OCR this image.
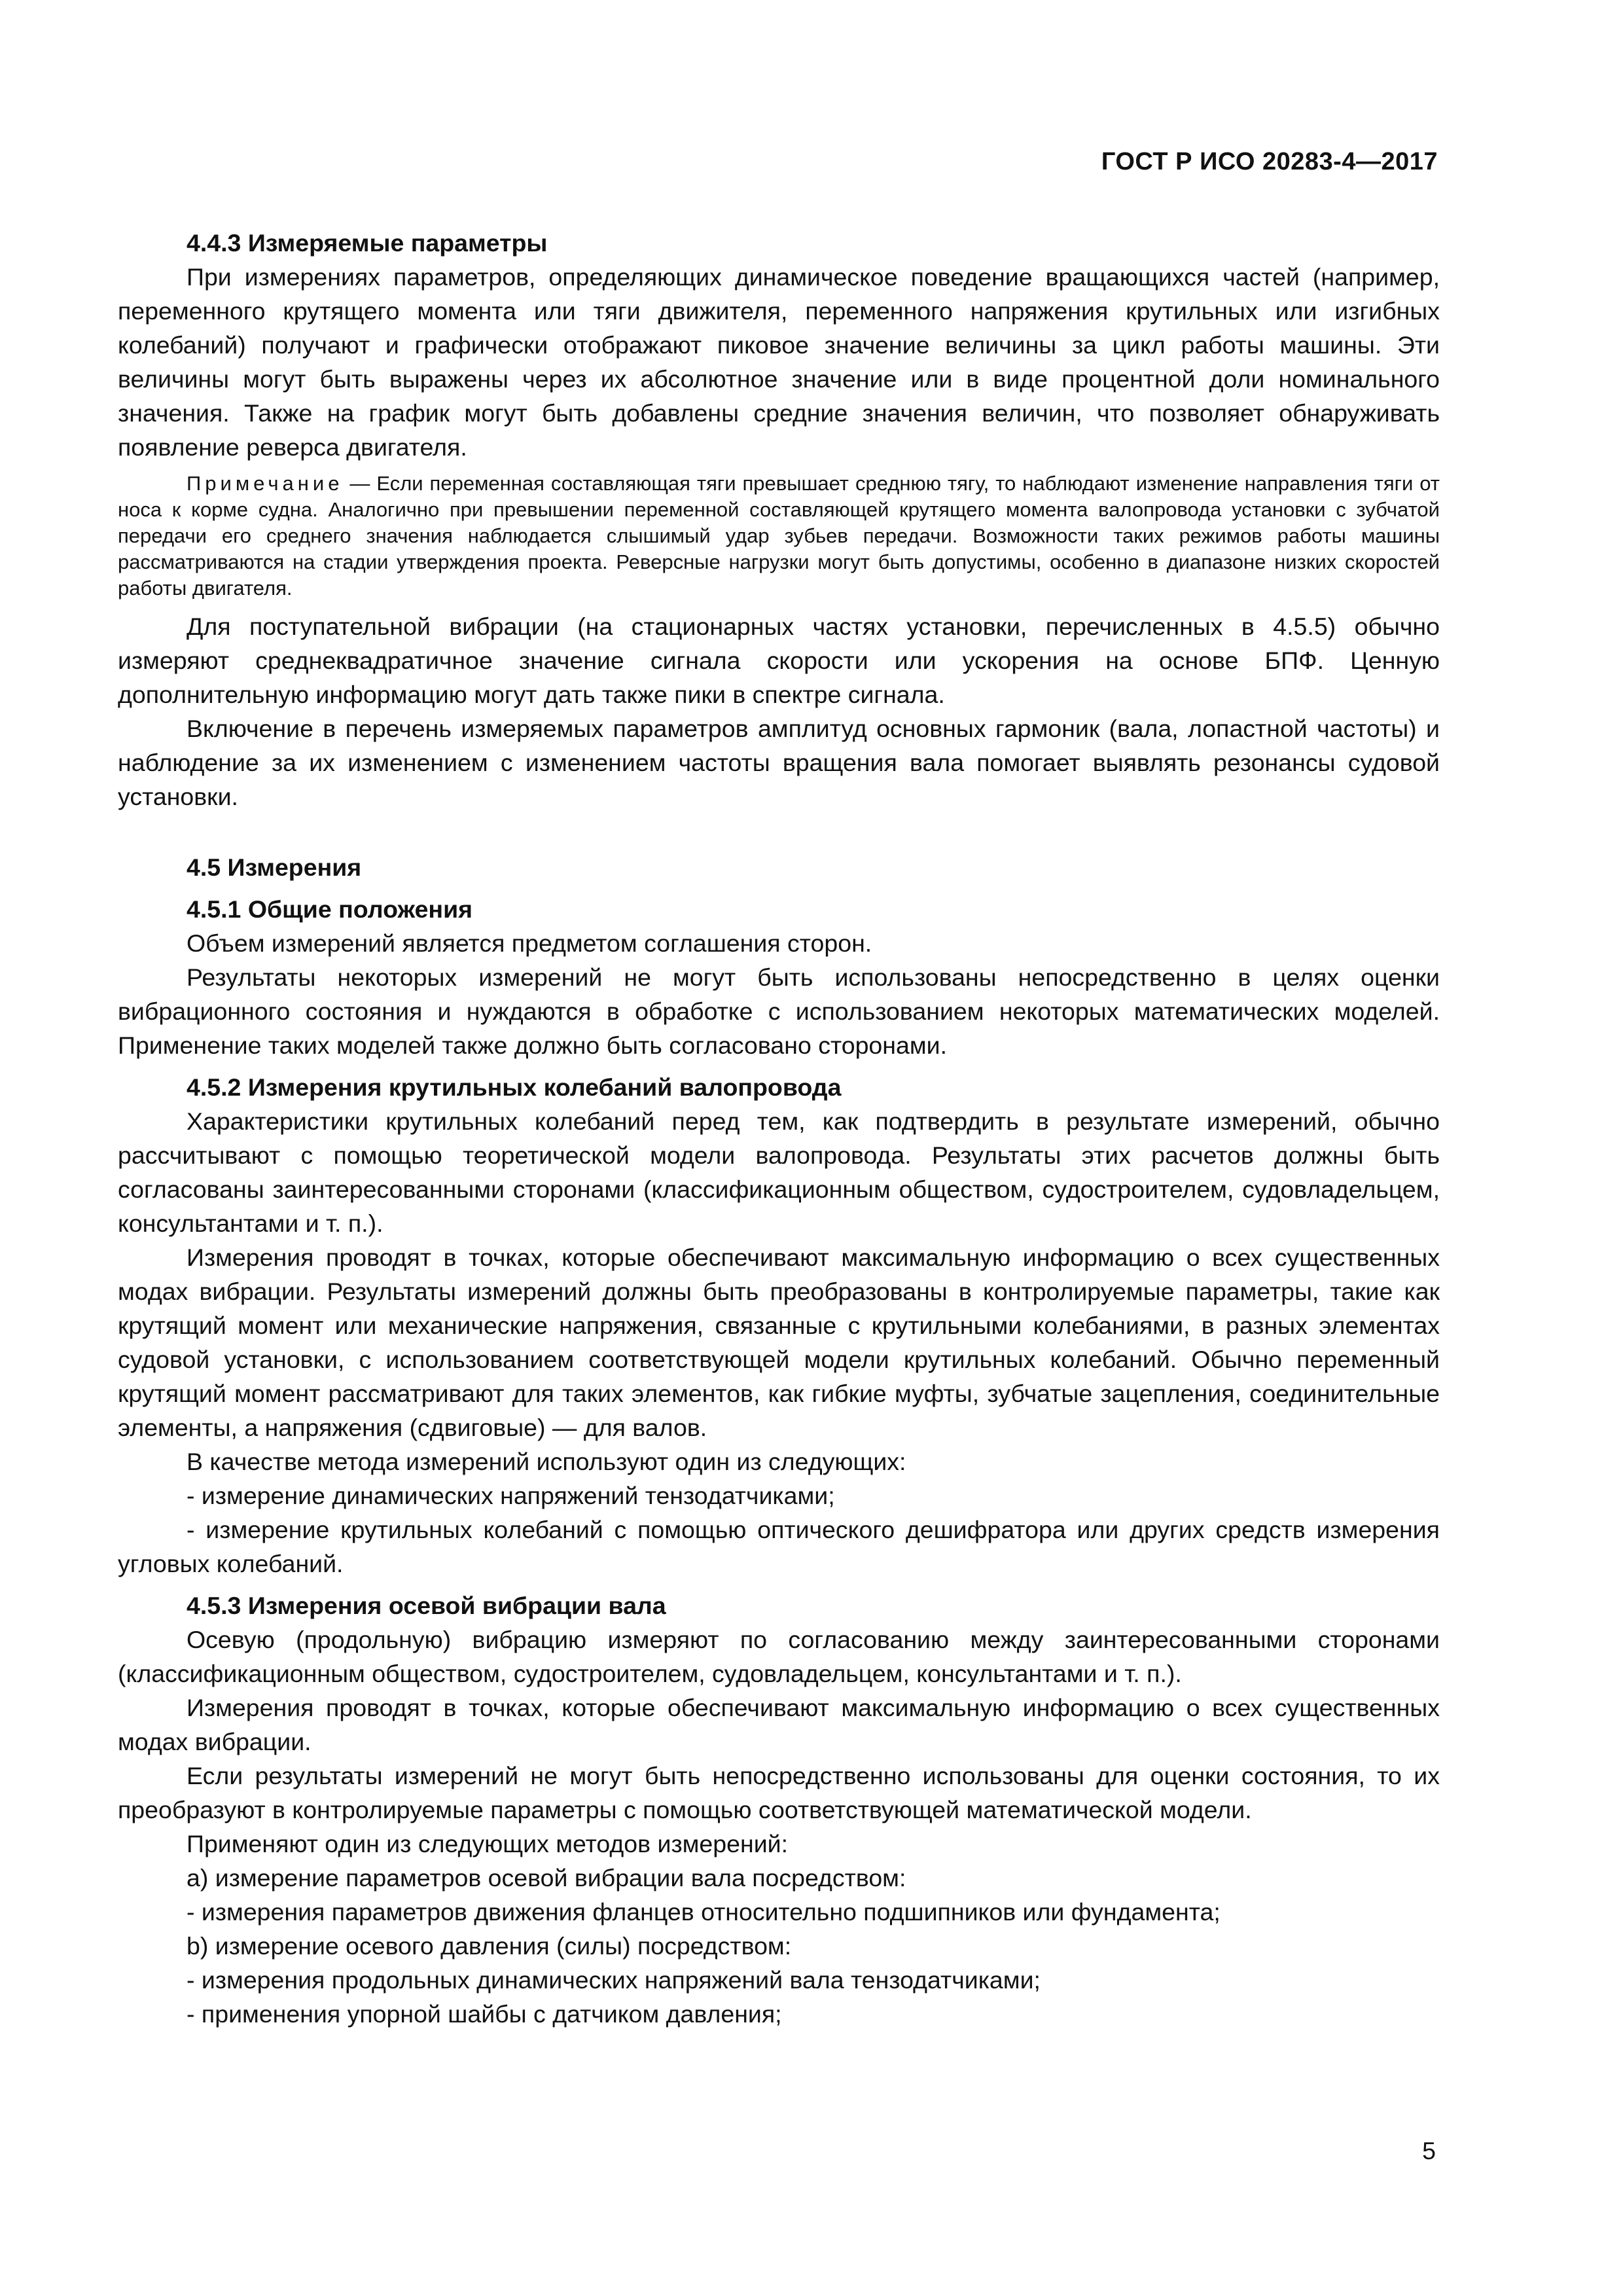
ГОСТ Р ИСО 20283-4—2017

4.4.3 Измеряемые параметры

При измерениях параметров, определяющих динамическое поведение вращающихся частей (например, переменного крутящего момента или тяги движителя, переменного напряжения крутильных или изгибных колебаний) получают и графически отображают пиковое значение величины за цикл работы машины. Эти величины могут быть выражены через их абсолютное значение или в виде процентной доли номинального значения. Также на график могут быть добавлены средние значения величин, что позволяет обнаруживать появление реверса двигателя.

Примечание — Если переменная составляющая тяги превышает среднюю тягу, то наблюдают изменение направления тяги от носа к корме судна. Аналогично при превышении переменной составляющей крутящего момента валопровода установки с зубчатой передачи его среднего значения наблюдается слышимый удар зубьев передачи. Возможности таких режимов работы машины рассматриваются на стадии утверждения проекта. Реверсные нагрузки могут быть допустимы, особенно в диапазоне низких скоростей работы двигателя.

Для поступательной вибрации (на стационарных частях установки, перечисленных в 4.5.5) обычно измеряют среднеквадратичное значение сигнала скорости или ускорения на основе БПФ. Ценную дополнительную информацию могут дать также пики в спектре сигнала.

Включение в перечень измеряемых параметров амплитуд основных гармоник (вала, лопастной частоты) и наблюдение за их изменением с изменением частоты вращения вала помогает выявлять резонансы судовой установки.

4.5 Измерения

4.5.1 Общие положения

Объем измерений является предметом соглашения сторон.

Результаты некоторых измерений не могут быть использованы непосредственно в целях оценки вибрационного состояния и нуждаются в обработке с использованием некоторых математических моделей. Применение таких моделей также должно быть согласовано сторонами.

4.5.2 Измерения крутильных колебаний валопровода

Характеристики крутильных колебаний перед тем, как подтвердить в результате измерений, обычно рассчитывают с помощью теоретической модели валопровода. Результаты этих расчетов должны быть согласованы заинтересованными сторонами (классификационным обществом, судостроителем, судовладельцем, консультантами и т. п.).

Измерения проводят в точках, которые обеспечивают максимальную информацию о всех существенных модах вибрации. Результаты измерений должны быть преобразованы в контролируемые параметры, такие как крутящий момент или механические напряжения, связанные с крутильными колебаниями, в разных элементах судовой установки, с использованием соответствующей модели крутильных колебаний. Обычно переменный крутящий момент рассматривают для таких элементов, как гибкие муфты, зубчатые зацепления, соединительные элементы, а напряжения (сдвиговые) — для валов.

В качестве метода измерений используют один из следующих:

- измерение динамических напряжений тензодатчиками;

- измерение крутильных колебаний с помощью оптического дешифратора или других средств измерения угловых колебаний.

4.5.3 Измерения осевой вибрации вала

Осевую (продольную) вибрацию измеряют по согласованию между заинтересованными сторонами (классификационным обществом, судостроителем, судовладельцем, консультантами и т. п.).

Измерения проводят в точках, которые обеспечивают максимальную информацию о всех существенных модах вибрации.

Если результаты измерений не могут быть непосредственно использованы для оценки состояния, то их преобразуют в контролируемые параметры с помощью соответствующей математической модели.

Применяют один из следующих методов измерений:

a) измерение параметров осевой вибрации вала посредством:

- измерения параметров движения фланцев относительно подшипников или фундамента;

b) измерение осевого давления (силы) посредством:

- измерения продольных динамических напряжений вала тензодатчиками;

- применения упорной шайбы с датчиком давления;

5
